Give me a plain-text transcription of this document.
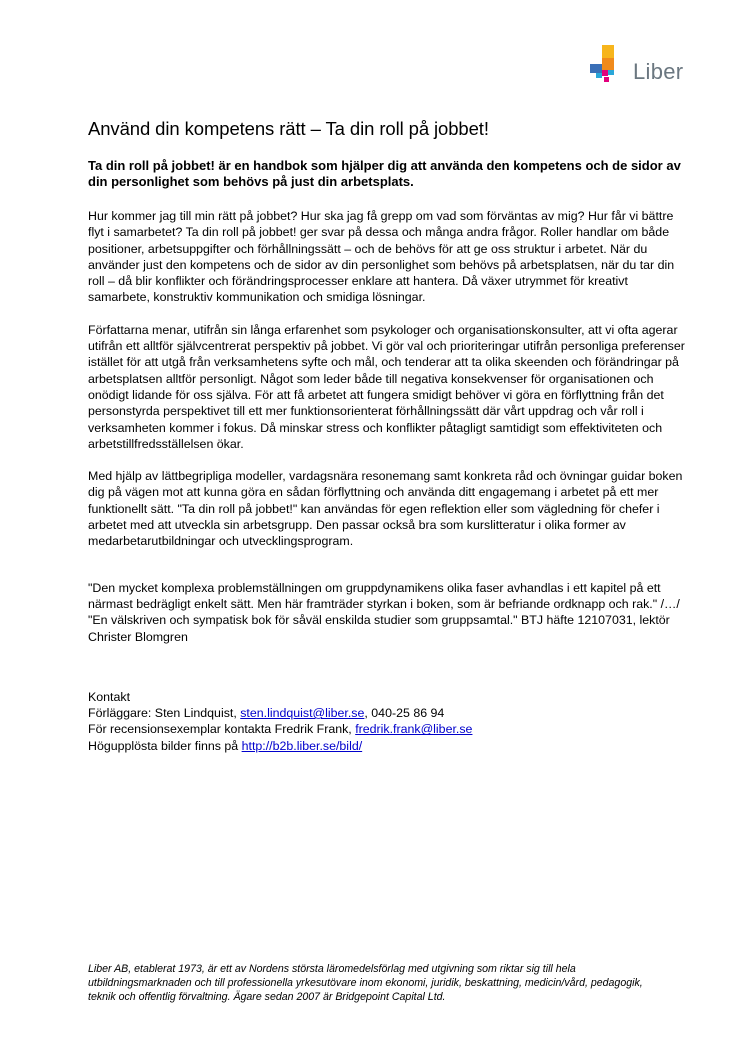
Liber
Använd din kompetens rätt – Ta din roll på jobbet!
Ta din roll på jobbet! är en handbok som hjälper dig att använda den kompetens och de sidor av din personlighet som behövs på just din arbetsplats.

Hur kommer jag till min rätt på jobbet? Hur ska jag få grepp om vad som förväntas av mig? Hur får vi bättre flyt i samarbetet? Ta din roll på jobbet! ger svar på dessa och många andra frågor. Roller handlar om både positioner, arbetsuppgifter och förhållningssätt – och de behövs för att ge oss struktur i arbetet. När du använder just den kompetens och de sidor av din personlighet som behövs på arbetsplatsen, när du tar din roll – då blir konflikter och förändringsprocesser enklare att hantera. Då växer utrymmet för kreativt samarbete, konstruktiv kommunikation och smidiga lösningar.

Författarna menar, utifrån sin långa erfarenhet som psykologer och organisationskonsulter, att vi ofta agerar utifrån ett alltför självcentrerat perspektiv på jobbet. Vi gör val och prioriteringar utifrån personliga preferenser istället för att utgå från verksamhetens syfte och mål, och tenderar att ta olika skeenden och förändringar på arbetsplatsen alltför personligt. Något som leder både till negativa konsekvenser för organisationen och onödigt lidande för oss själva. För att få arbetet att fungera smidigt behöver vi göra en förflyttning från det personstyrda perspektivet till ett mer funktionsorienterat förhållningssätt där vårt uppdrag och vår roll i verksamheten kommer i fokus. Då minskar stress och konflikter påtagligt samtidigt som effektiviteten och arbetstillfredsställelsen ökar.

Med hjälp av lättbegripliga modeller, vardagsnära resonemang samt konkreta råd och övningar guidar boken dig på vägen mot att kunna göra en sådan förflyttning och använda ditt engagemang i arbetet på ett mer funktionellt sätt. "Ta din roll på jobbet!" kan användas för egen reflektion eller som vägledning för chefer i arbetet med att utveckla sin arbetsgrupp. Den passar också bra som kurslitteratur i olika former av medarbetarutbildningar och utvecklingsprogram.

"Den mycket komplexa problemställningen om gruppdynamikens olika faser avhandlas i ett kapitel på ett närmast bedrägligt enkelt sätt. Men här framträder styrkan i boken, som är befriande ordknapp och rak." /…/ "En välskriven och sympatisk bok för såväl enskilda studier som gruppsamtal." BTJ häfte 12107031, lektör Christer Blomgren

Kontakt
Förläggare: Sten Lindquist, sten.lindquist@liber.se, 040-25 86 94
För recensionsexemplar kontakta Fredrik Frank, fredrik.frank@liber.se
Högupplösta bilder finns på http://b2b.liber.se/bild/
Liber AB, etablerat 1973, är ett av Nordens största läromedelsförlag med utgivning som riktar sig till hela utbildningsmarknaden och till professionella yrkesutövare inom ekonomi, juridik, beskattning, medicin/vård, pedagogik, teknik och offentlig förvaltning. Ägare sedan 2007 är Bridgepoint Capital Ltd.
